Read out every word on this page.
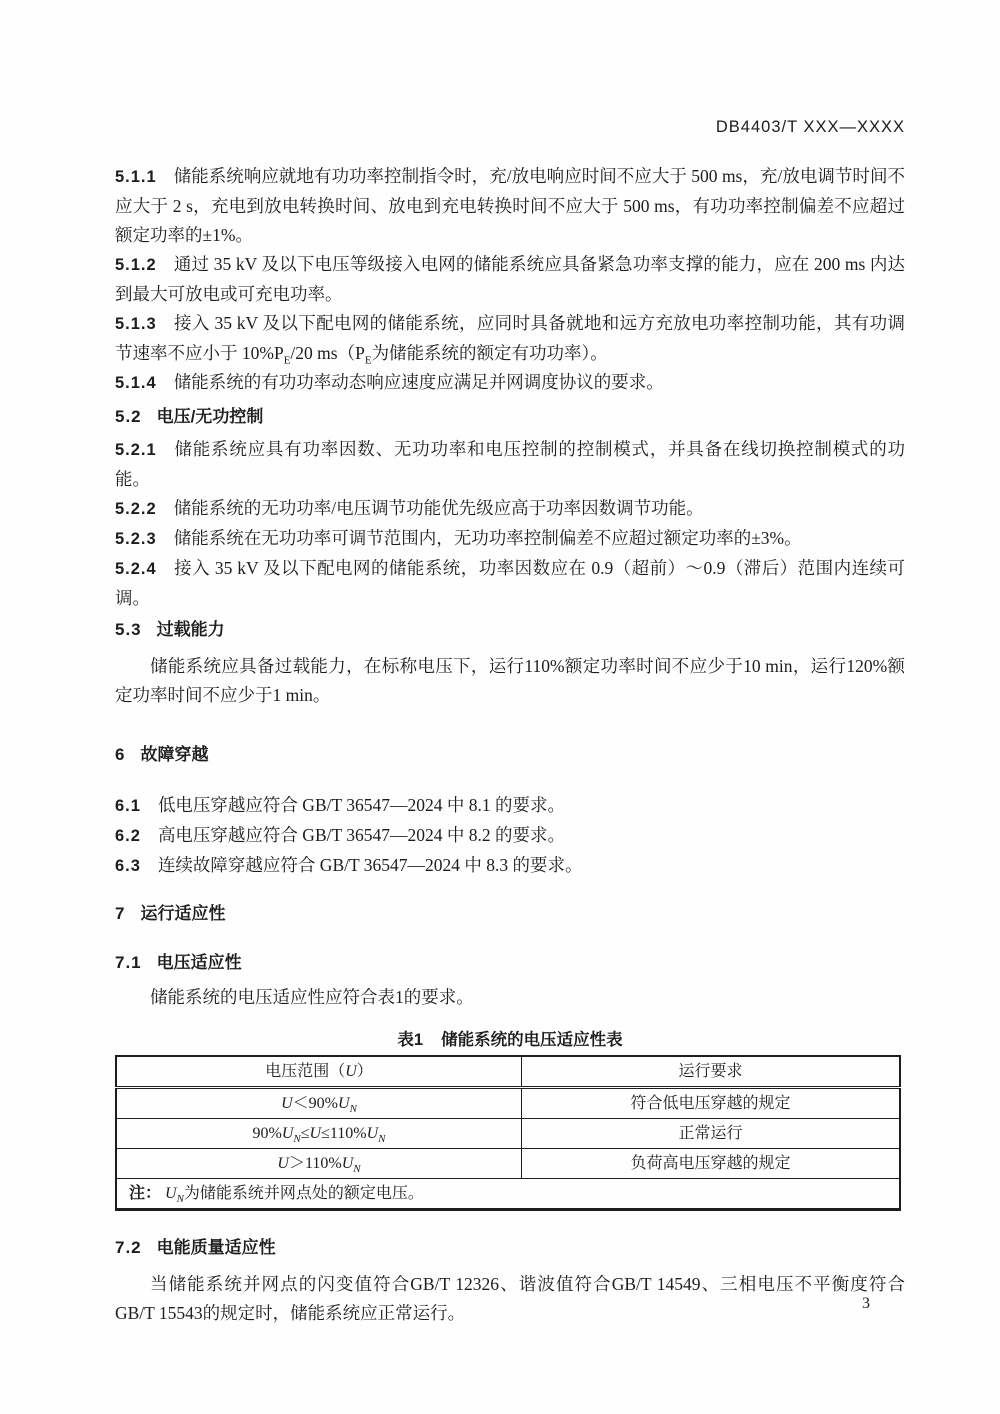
DB4403/T XXX—XXXX

5.1.1 储能系统响应就地有功功率控制指令时，充/放电响应时间不应大于 500 ms，充/放电调节时间不应大于 2 s，充电到放电转换时间、放电到充电转换时间不应大于 500 ms，有功功率控制偏差不应超过额定功率的±1%。

5.1.2 通过 35 kV 及以下电压等级接入电网的储能系统应具备紧急功率支撑的能力，应在 200 ms 内达到最大可放电或可充电功率。

5.1.3 接入 35 kV 及以下配电网的储能系统，应同时具备就地和远方充放电功率控制功能，其有功调节速率不应小于 $10\%P_E/20$ $ms(P_E$为储能系统的额定有功功率）。

5.1.4 储能系统的有功功率动态响应速度应满足并网调度协议的要求。

5.2 电压/无功控制

5.2.1 储能系统应具有功率因数、无功功率和电压控制的控制模式，并具备在线切换控制模式的功能。

5.2.2 储能系统的无功功率/电压调节功能优先级应高于功率因数调节功能。

5.2.3 储能系统在无功功率可调节范围内，无功功率控制偏差不应超过额定功率的±3%。

5.2.4 接入 35 kV 及以下配电网的储能系统，功率因数应在 0.9（超前）～0.9（滞后）范围内连续可调。

5.3 过载能力

储能系统应具备过载能力，在标称电压下，运行110%额定功率时间不应少于10 min，运行120%额定功率时间不应少于1 min。

6 故障穿越

6.1 低电压穿越应符合 GB/T 36547—2024 中 8.1 的要求。

6.2 高电压穿越应符合 GB/T 36547—2024 中 8.2 的要求。

6.3 连续故障穿越应符合 GB/T 36547—2024 中 8.3 的要求。

7 运行适应性
7.1 电压适应性

储能系统的电压适应性应符合表1的要求。

表1 储能系统的电压适应性表
电压范围（U）	运行要求
$U<90\%U_N$	符合低电压穿越的规定
$90\%U_N\le U\le 110\%U_N$	正常运行
$U>110\%U_N$	负荷高电压穿越的规定
注： $U_N$为储能系统并网点处的额定电压。	
7.2 电能质量适应性

当储能系统并网点的闪变值符合GB/T 12326、谐波值符合GB/T 14549、三相电压不平衡度符合GB/T 15543的规定时，储能系统应正常运行。	3
